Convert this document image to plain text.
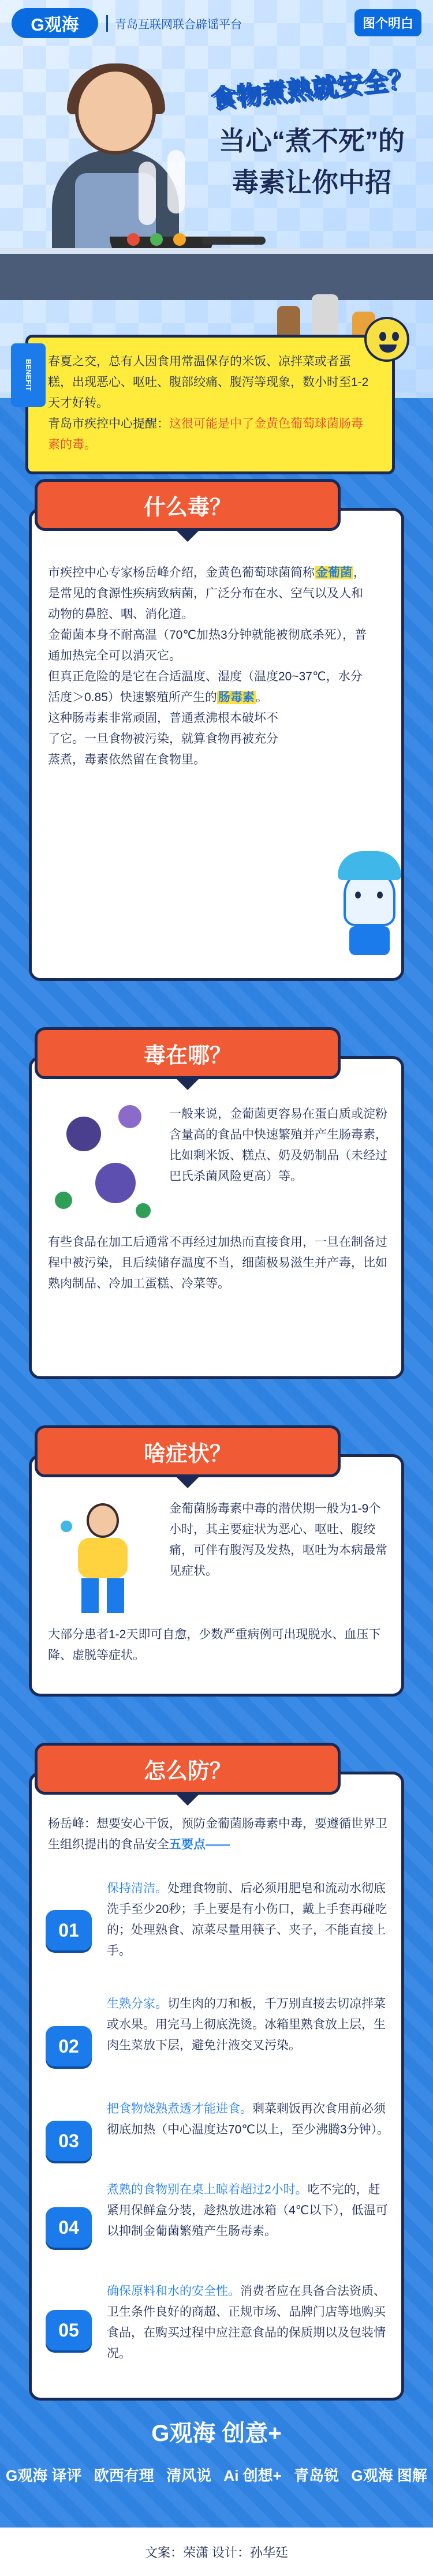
G观海	青岛互联网联合辟谣平台	图个明白
食物煮熟就安全？
当心“煮不死”的
毒素让你中招
BENEFIT	春夏之交，总有人因食用常温保存的米饭、凉拌菜或者蛋糕，出现恶心、呕吐、腹部绞痛、腹泻等现象，数小时至1-2天才好转。

青岛市疾控中心提醒：这很可能是中了金黄色葡萄球菌肠毒素的毒。

市疾控中心专家杨岳峰介绍，金黄色葡萄球菌简称金葡菌，是常见的食源性疾病致病菌，广泛分布在水、空气以及人和动物的鼻腔、咽、消化道。

金葡菌本身不耐高温（70℃加热3分钟就能被彻底杀死），普通加热完全可以消灭它。

但真正危险的是它在合适温度、湿度（温度20~37℃，水分活度＞0.85）快速繁殖所产生的肠毒素。

这种肠毒素非常顽固，普通煮沸根本破坏不了它。一旦食物被污染，就算食物再被充分蒸煮，毒素依然留在食物里。

什么毒？
一般来说，金葡菌更容易在蛋白质或淀粉含量高的食品中快速繁殖并产生肠毒素，比如剩米饭、糕点、奶及奶制品（未经过巴氏杀菌风险更高）等。
有些食品在加工后通常不再经过加热而直接食用，一旦在制备过程中被污染，且后续储存温度不当，细菌极易滋生并产毒，比如熟肉制品、冷加工蛋糕、冷菜等。
毒在哪？
金葡菌肠毒素中毒的潜伏期一般为1-9个小时，其主要症状为恶心、呕吐、腹绞痛，可伴有腹泻及发热，呕吐为本病最常见症状。
大部分患者1-2天即可自愈，少数严重病例可出现脱水、血压下降、虚脱等症状。
啥症状？
杨岳峰：想要安心干饭，预防金葡菌肠毒素中毒，要遵循世界卫生组织提出的食品安全五要点——
01
保持清洁。处理食物前、后必须用肥皂和流动水彻底洗手至少20秒；手上要是有小伤口，戴上手套再碰吃的；处理熟食、凉菜尽量用筷子、夹子，不能直接上手。
02
生熟分家。切生肉的刀和板，千万别直接去切凉拌菜或水果。用完马上彻底洗烫。冰箱里熟食放上层，生肉生菜放下层，避免汁液交叉污染。
03
把食物烧熟煮透才能进食。剩菜剩饭再次食用前必须彻底加热（中心温度达70℃以上，至少沸腾3分钟）。
04
煮熟的食物别在桌上晾着超过2小时。吃不完的，赶紧用保鲜盒分装，趁热放进冰箱（4℃以下），低温可以抑制金葡菌繁殖产生肠毒素。
05
确保原料和水的安全性。消费者应在具备合法资质、卫生条件良好的商超、正规市场、品牌门店等地购买食品，在购买过程中应注意食品的保质期以及包装情况。
怎么防？
G观海 创意+
G观海 译评 欧西有理 清风说 Ai 创想+ 青岛锐 G观海 图解
文案：荣潇 设计：孙华廷
